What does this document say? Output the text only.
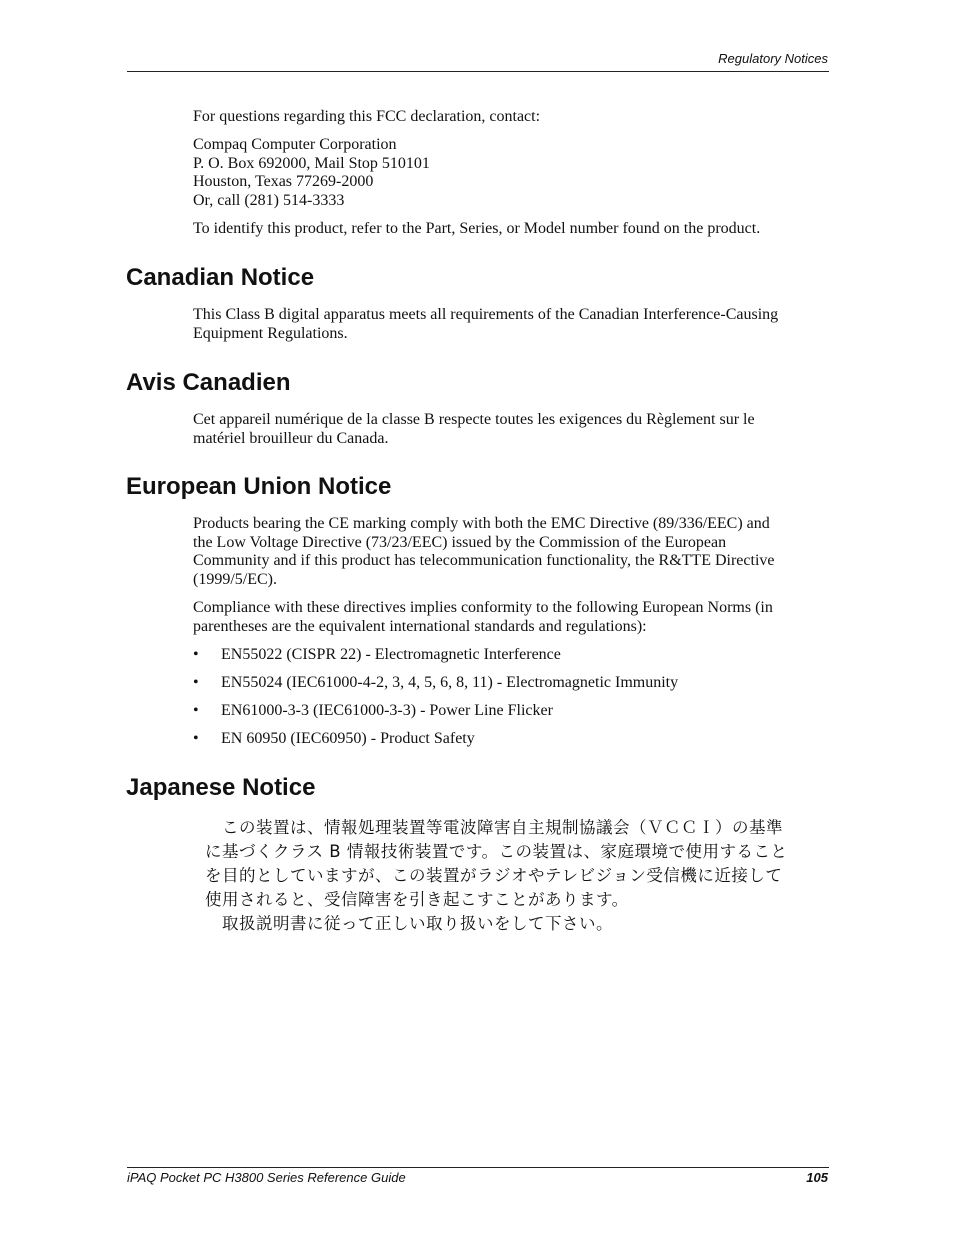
Regulatory Notices

For questions regarding this FCC declaration, contact:

Compaq Computer Corporation
P. O. Box 692000, Mail Stop 510101
Houston, Texas 77269-2000
Or, call (281) 514-3333

To identify this product, refer to the Part, Series, or Model number found on the product.

Canadian Notice
This Class B digital apparatus meets all requirements of the Canadian Interference-Causing
Equipment Regulations.
Avis Canadien
Cet appareil numérique de la classe B respecte toutes les exigences du Règlement sur le
matériel brouilleur du Canada.
European Union Notice
Products bearing the CE marking comply with both the EMC Directive (89/336/EEC) and
the Low Voltage Directive (73/23/EEC) issued by the Commission of the European
Community and if this product has telecommunication functionality, the R&TTE Directive
(1999/5/EC).
Compliance with these directives implies conformity to the following European Norms (in
parentheses are the equivalent international standards and regulations):
• EN55022 (CISPR 22) - Electromagnetic Interference
• EN55024 (IEC61000-4-2, 3, 4, 5, 6, 8, 11) - Electromagnetic Immunity
• EN61000-3-3 (IEC61000-3-3) - Power Line Flicker
• EN 60950 (IEC60950) - Product Safety
Japanese Notice
　この装置は、情報処理装置等電波障害自主規制協議会（ＶＣＣＩ）の基準
に基づくクラス B 情報技術装置です。この装置は、家庭環境で使用すること
を目的としていますが、この装置がラジオやテレビジョン受信機に近接して
使用されると、受信障害を引き起こすことがあります。
　取扱説明書に従って正しい取り扱いをして下さい。
iPAQ Pocket PC H3800 Series Reference Guide	105
